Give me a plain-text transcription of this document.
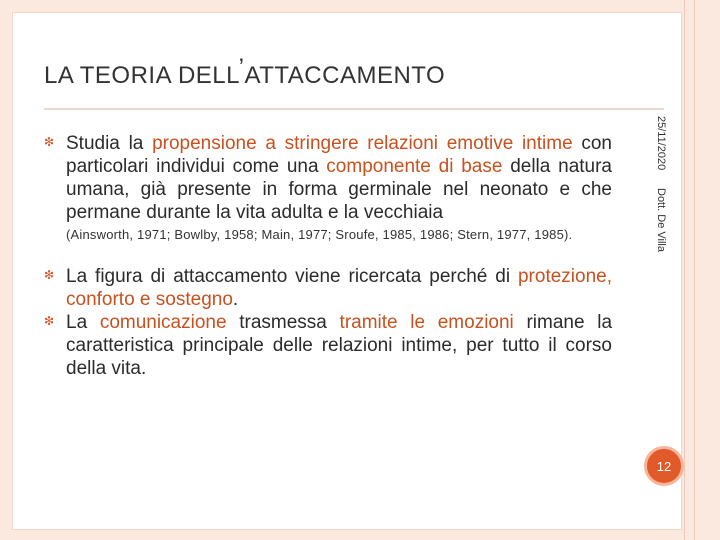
LA TEORIA DELL’ATTACCAMENTO
❇ Studia la propensione a stringere relazioni emotive intime con particolari individui come una componente di base della natura umana, già presente in forma germinale nel neonato e che permane durante la vita adulta e la vecchiaia
(Ainsworth, 1971; Bowlby, 1958; Main, 1977; Sroufe, 1985, 1986; Stern, 1977, 1985).
❇ La figura di attaccamento viene ricercata perché di protezione, conforto e sostegno.
❇ La comunicazione trasmessa tramite le emozioni rimane la caratteristica principale delle relazioni intime, per tutto il corso della vita.
25/11/2020
Dott. De Villa
12
